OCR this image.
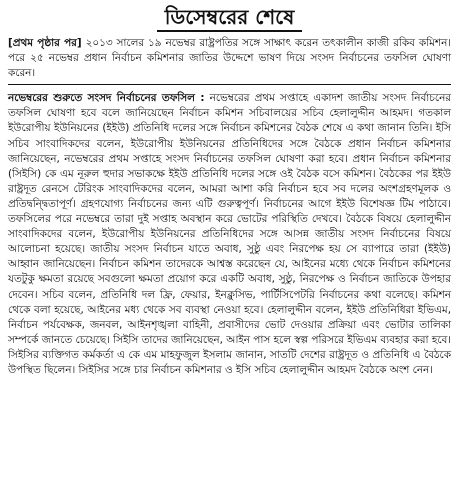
ডিসেম্বরের শেষে

[প্রথম পৃষ্ঠার পর] ২০১৩ সালের ১৯ নভেম্বর রাষ্ট্রপতির সঙ্গে সাক্ষাৎ করেন তৎকালীন কাজী রকিব কমিশন। পরে ২৫ নভেম্বর প্রধান নির্বাচন কমিশনার জাতির উদ্দেশে ভাষণ দিয়ে সংসদ নির্বাচনের তফসিল ঘোষণা করেন।

নভেম্বরের শুরুতে সংসদ নির্বাচনের তফসিল : নভেম্বরের প্রথম সপ্তাহে একাদশ জাতীয় সংসদ নির্বাচনের তফসিল ঘোষণা হবে বলে জানিয়েছেন নির্বাচন কমিশন সচিবালয়ের সচিব হেলালুদ্দীন আহমদ। গতকাল ইউরোপীয় ইউনিয়নের (ইইউ) প্রতিনিধি দলের সঙ্গে নির্বাচন কমিশনের বৈঠক শেষে এ কথা জানান তিনি। ইসি সচিব সাংবাদিকদের বলেন, ইউরোপীয় ইউনিয়নের প্রতিনিধিদের সঙ্গে বৈঠকে প্রধান নির্বাচন কমিশনার জানিয়েছেন, নভেম্বরের প্রথম সপ্তাহে সংসদ নির্বাচনের তফসিল ঘোষণা করা হবে। প্রধান নির্বাচন কমিশনার (সিইসি) কে এম নূরুল হুদার সভাকক্ষে ইইউ প্রতিনিধি দলের সঙ্গে ওই বৈঠক বসে কমিশন। বৈঠকের পর ইইউ রাষ্ট্রদূত রেনসে টেরিংক সাংবাদিকদের বলেন, আমরা আশা করি নির্বাচন হবে সব দলের অংশগ্রহণমূলক ও প্রতিদ্বন্দ্বিতাপূর্ণ। গ্রহণযোগ্য নির্বাচনের জন্য এটি গুরুত্বপূর্ণ। নির্বাচনের আগে ইইউ বিশেষজ্ঞ টিম পাঠাবে। তফসিলের পরে নভেম্বরে তারা দুই সপ্তাহ অবস্থান করে ভোটের পরিস্থিতি দেখবে। বৈঠকে বিষয়ে হেলালুদ্দীন সাংবাদিকদের বলেন, ইউরোপীয় ইউনিয়নের প্রতিনিধিদের সঙ্গে আসন্ন জাতীয় সংসদ নির্বাচনের বিষয়ে আলোচনা হয়েছে। জাতীয় সংসদ নির্বাচন যাতে অবাধ, সুষ্ঠু এবং নিরপেক্ষ হয় সে ব্যাপারে তারা (ইইউ) আহ্বান জানিয়েছেন। নির্বাচন কমিশন তাদেরকে আশ্বস্ত করেছেন যে, আইনের মধ্যে থেকে নির্বাচন কমিশনের যতটুকু ক্ষমতা রয়েছে সবগুলো ক্ষমতা প্রয়োগ করে একটি অবাধ, সুষ্ঠু, নিরপেক্ষ ও নির্বাচন জাতিকে উপহার দেবেন। সচিব বলেন, প্রতিনিধি দল ফ্রি, ফেয়ার, ইনক্লুসিভ, পার্টিসিপেটরি নির্বাচনের কথা বলেছে। কমিশন থেকে বলা হয়েছে, আইনের মধ্য থেকে সব ব্যবস্থা নেওয়া হবে। হেলালুদ্দীন বলেন, ইইউ প্রতিনিধিরা ইভিএম, নির্বাচন পর্যবেক্ষক, জনবল, আইনশৃঙ্খলা বাহিনী, প্রবাসীদের ভোট দেওয়ার প্রক্রিয়া এবং ভোটার তালিকা সম্পর্কে জানতে চেয়েছে। সিইসি তাদের জানিয়েছেন, আইন পাস হলে স্বল্প পরিসরে ইভিএম ব্যবহার করা হবে। সিইসির ব্যক্তিগত কর্মকর্তা এ কে এম মাহফুজুল ইসলাম জানান, সাতটি দেশের রাষ্ট্রদূত ও প্রতিনিধি এ বৈঠকে উপস্থিত ছিলেন। সিইসির সঙ্গে চার নির্বাচন কমিশনার ও ইসি সচিব হেলালুদ্দীন আহমদ বৈঠকে অংশ নেন।
